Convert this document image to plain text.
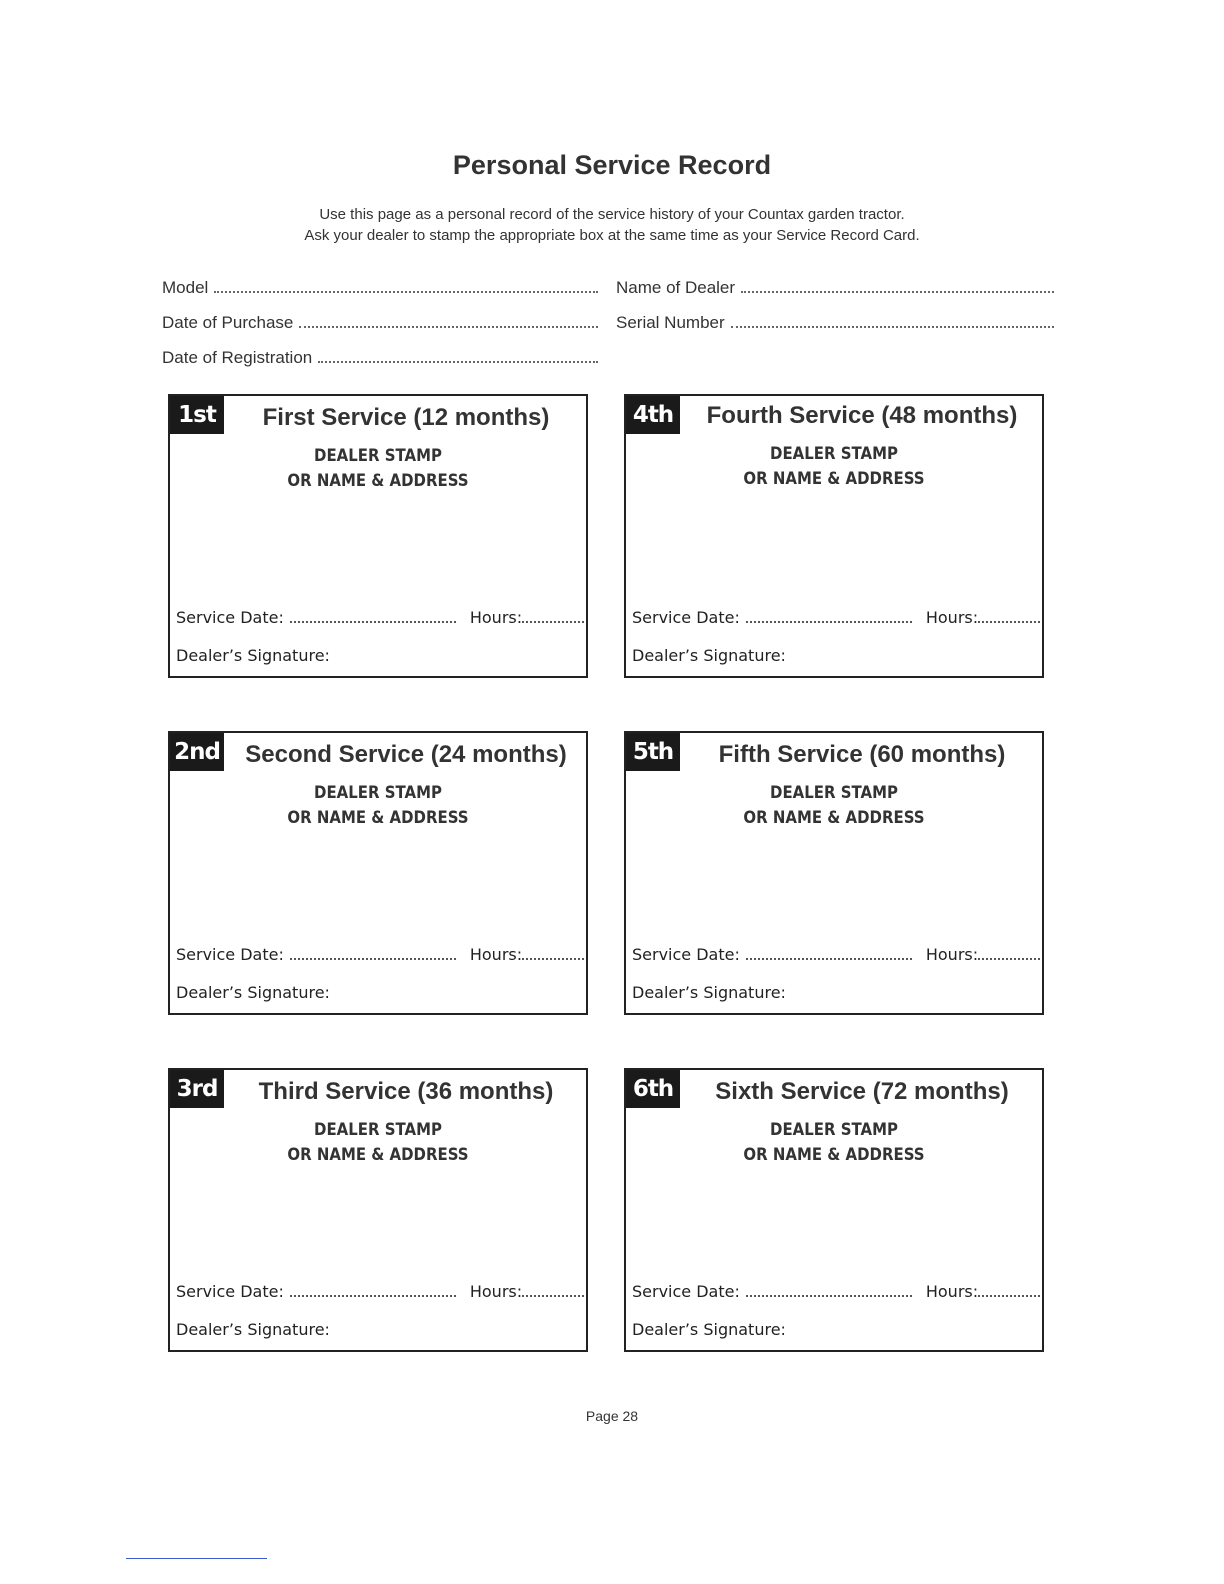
Personal Service Record
Use this page as a personal record of the service history of your Countax garden tractor.
Ask your dealer to stamp the appropriate box at the same time as your Service Record Card.
Model
Date of Purchase
Date of Registration
Name of Dealer
Serial Number
1st	First Service (12 months)
DEALER STAMP
OR NAME & ADDRESS
Service Date:	Hours:
Dealer’s Signature:
4th	Fourth Service (48 months)
DEALER STAMP
OR NAME & ADDRESS
Service Date:	Hours:
Dealer’s Signature:
2nd	Second Service (24 months)
DEALER STAMP
OR NAME & ADDRESS
Service Date:	Hours:
Dealer’s Signature:
5th	Fifth Service (60 months)
DEALER STAMP
OR NAME & ADDRESS
Service Date:	Hours:
Dealer’s Signature:
3rd	Third Service (36 months)
DEALER STAMP
OR NAME & ADDRESS
Service Date:	Hours:
Dealer’s Signature:
6th	Sixth Service (72 months)
DEALER STAMP
OR NAME & ADDRESS
Service Date:	Hours:
Dealer’s Signature:
Page 28
